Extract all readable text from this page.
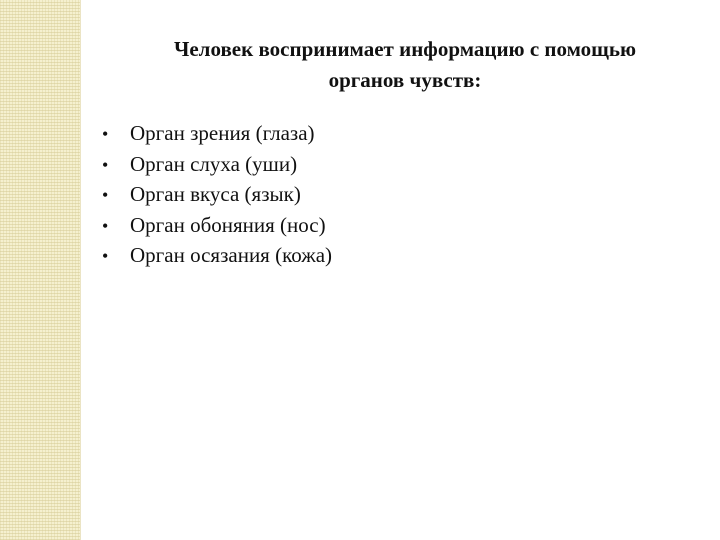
Человек воспринимает информацию с помощью
органов чувств:
•	Орган зрения (глаза)
•	Орган слуха (уши)
•	Орган вкуса (язык)
•	Орган обоняния (нос)
•	Орган осязания (кожа)
